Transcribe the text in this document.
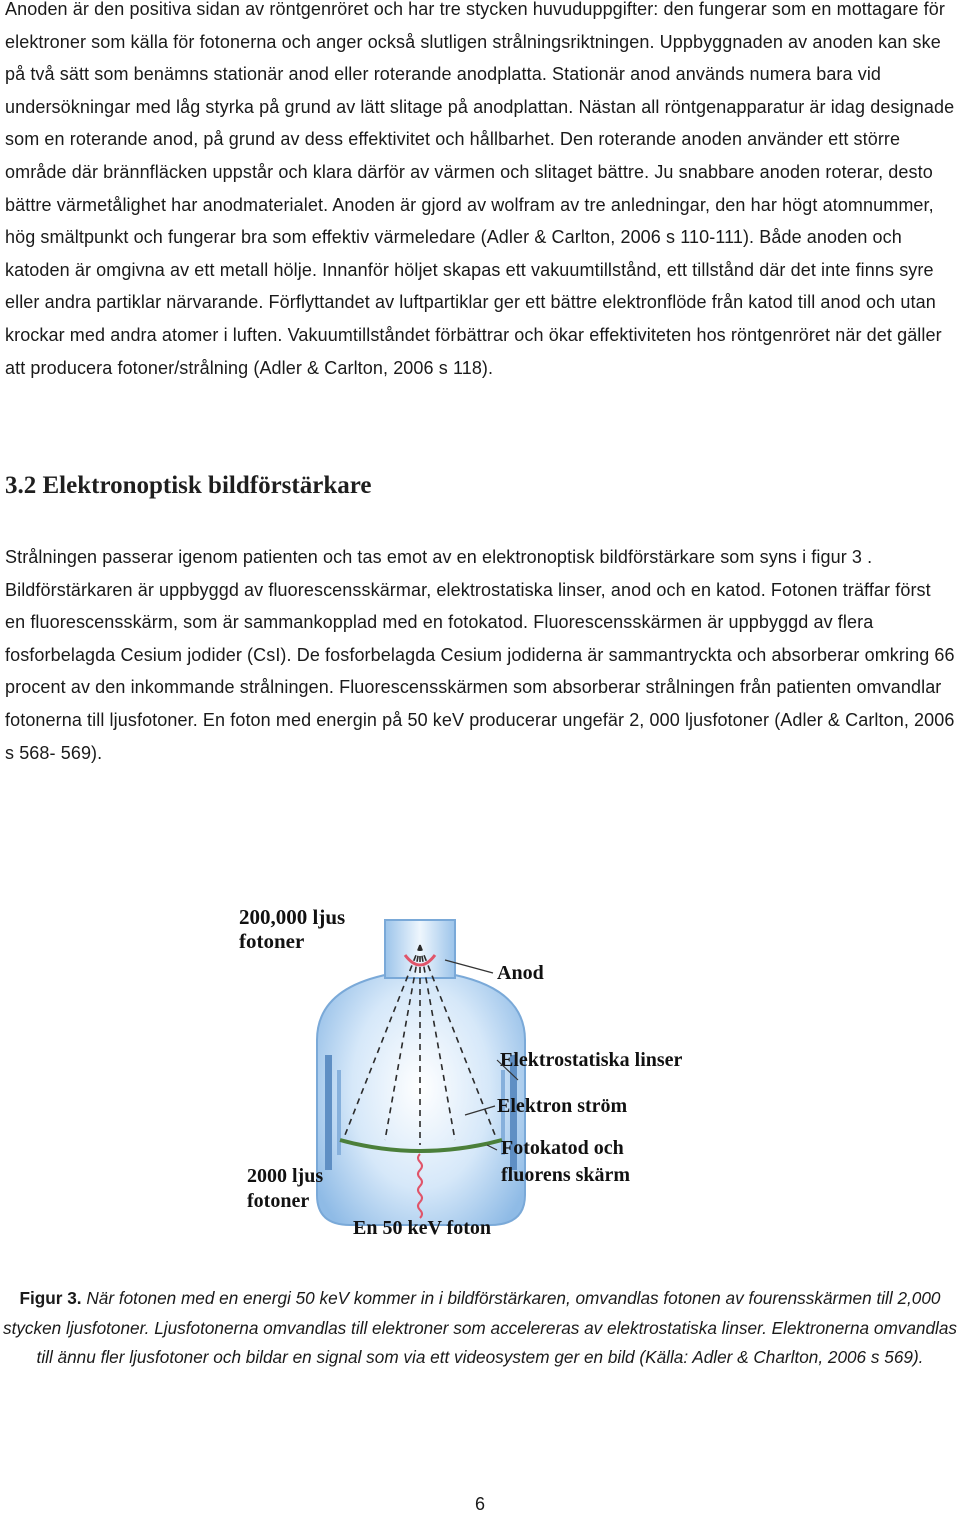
Anoden är den positiva sidan av röntgenröret och har tre stycken huvuduppgifter: den fungerar som en mottagare för elektroner som källa för fotonerna och anger också slutligen strålningsriktningen. Uppbyggnaden av anoden kan ske på två sätt som benämns stationär anod eller roterande anodplatta. Stationär anod används numera bara vid undersökningar med låg styrka på grund av lätt slitage på anodplattan. Nästan all röntgenapparatur är idag designade som en roterande anod, på grund av dess effektivitet och hållbarhet. Den roterande anoden använder ett större område där brännfläcken uppstår och klara därför av värmen och slitaget bättre. Ju snabbare anoden roterar, desto bättre värmetålighet har anodmaterialet. Anoden är gjord av wolfram av tre anledningar, den har högt atomnummer, hög smältpunkt och fungerar bra som effektiv värmeledare (Adler & Carlton, 2006 s 110-111). Både anoden och katoden är omgivna av ett metall hölje. Innanför höljet skapas ett vakuumtillstånd, ett tillstånd där det inte finns syre eller andra partiklar närvarande. Förflyttandet av luftpartiklar ger ett bättre elektronflöde från katod till anod och utan krockar med andra atomer i luften. Vakuumtillståndet förbättrar och ökar effektiviteten hos röntgenröret när det gäller att producera fotoner/strålning (Adler & Carlton, 2006 s 118).

3.2 Elektronoptisk bildförstärkare

Strålningen passerar igenom patienten och tas emot av en elektronoptisk bildförstärkare som syns i figur 3 . Bildförstärkaren är uppbyggd av fluorescensskärmar, elektrostatiska linser, anod och en katod. Fotonen träffar först en fluorescensskärm, som är sammankopplad med en fotokatod. Fluorescensskärmen är uppbyggd av flera fosforbelagda Cesium jodider (CsI). De fosforbelagda Cesium jodiderna är sammantryckta och absorberar omkring 66 procent av den inkommande strålningen. Fluorescensskärmen som absorberar strålningen från patienten omvandlar fotonerna till ljusfotoner. En foton med energin på 50 keV producerar ungefär 2, 000 ljusfotoner (Adler & Carlton, 2006 s 568- 569).

200,000 ljus
fotoner
Anod
Elektrostatiska linser
Elektron ström
Fotokatod och
fluorens skärm
2000 ljus
fotoner
En 50 keV foton

Figur 3. När fotonen med en energi 50 keV kommer in i bildförstärkaren, omvandlas fotonen av fourensskärmen till 2,000 stycken ljusfotoner. Ljusfotonerna omvandlas till elektroner som accelereras av elektrostatiska linser. Elektronerna omvandlas till ännu fler ljusfotoner och bildar en signal som via ett videosystem ger en bild (Källa: Adler & Charlton, 2006 s 569).

6
